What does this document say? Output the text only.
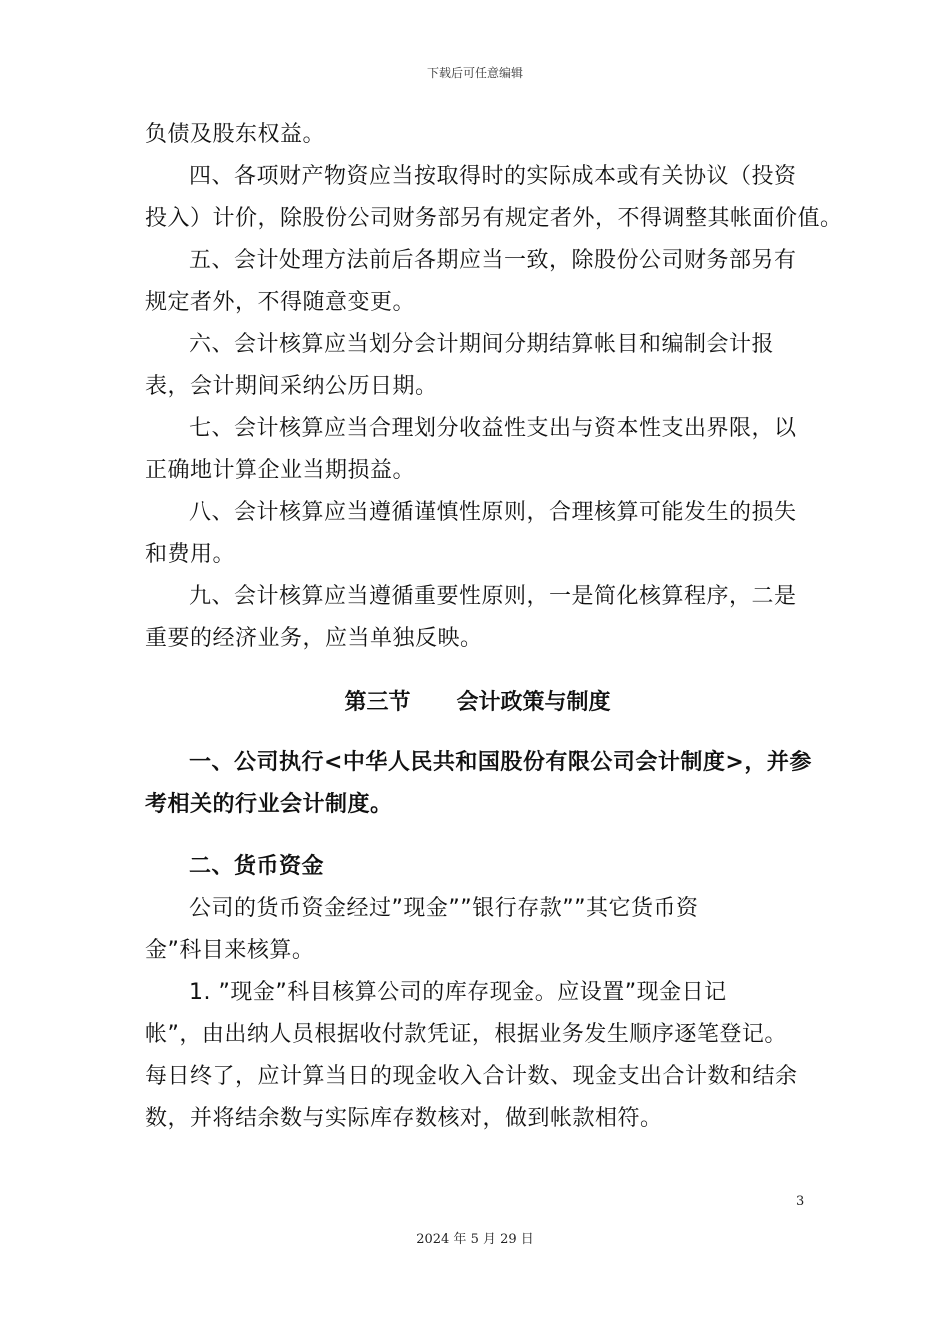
下载后可任意编辑

负债及股东权益。

四、各项财产物资应当按取得时的实际成本或有关协议（投资

投入）计价，除股份公司财务部另有规定者外，不得调整其帐面价值。

五、会计处理方法前后各期应当一致，除股份公司财务部另有

规定者外，不得随意变更。

六、会计核算应当划分会计期间分期结算帐目和编制会计报

表，会计期间采纳公历日期。

七、会计核算应当合理划分收益性支出与资本性支出界限，以

正确地计算企业当期损益。

八、会计核算应当遵循谨慎性原则，合理核算可能发生的损失

和费用。

九、会计核算应当遵循重要性原则，一是简化核算程序，二是

重要的经济业务，应当单独反映。

第三节      会计政策与制度

一、公司执行<中华人民共和国股份有限公司会计制度>，并参

考相关的行业会计制度。

二、货币资金

公司的货币资金经过”现金””银行存款””其它货币资

金”科目来核算。

1. ”现金”科目核算公司的库存现金。应设置”现金日记

帐”，由出纳人员根据收付款凭证，根据业务发生顺序逐笔登记。

每日终了，应计算当日的现金收入合计数、现金支出合计数和结余

数，并将结余数与实际库存数核对，做到帐款相符。

3
2024 年 5 月 29 日
